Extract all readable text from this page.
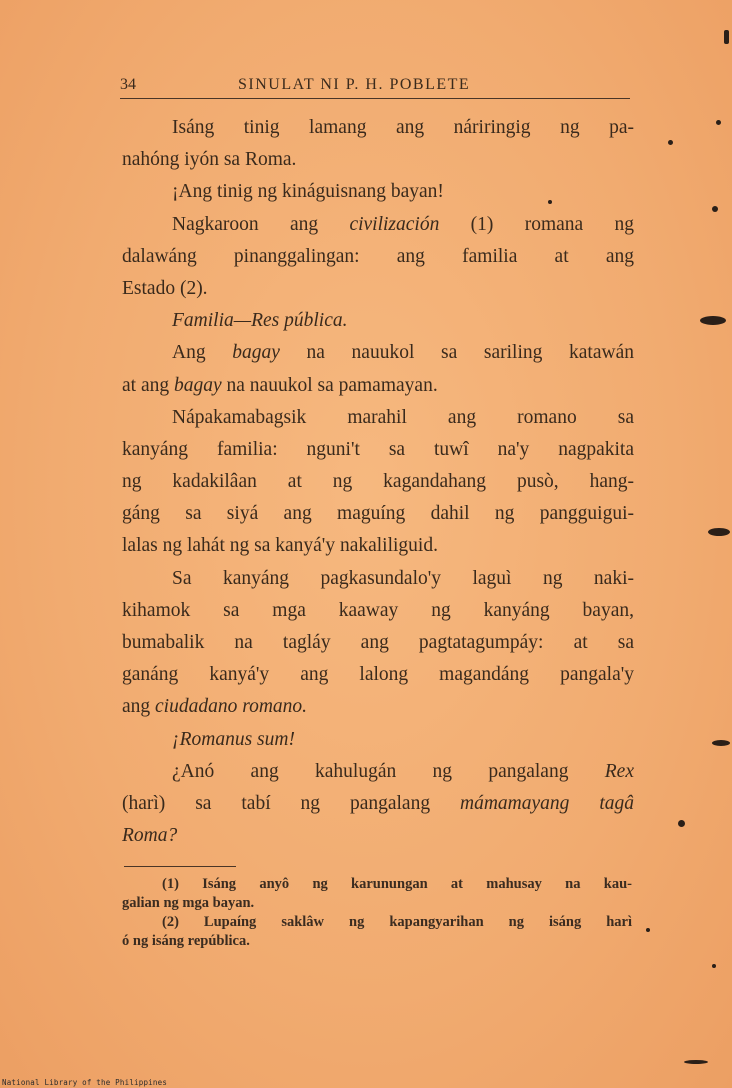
34	SINULAT NI P. H. POBLETE
Isáng tinig lamang ang náriringig ng pa-
nahóng iyón sa Roma.
¡Ang tinig ng kináguisnang bayan!
Nagkaroon ang civilización (1) romana ng
dalawáng pinanggalingan: ang familia at ang
Estado (2).
Familia—Res pública.
Ang bagay na nauukol sa sariling katawán
at ang bagay na nauukol sa pamamayan.
Nápakamabagsik marahil ang romano sa
kanyáng familia: nguni't sa tuwî na'y nagpakita
ng kadakilâan at ng kagandahang pusò, hang-
gáng sa siyá ang maguíng dahil ng pangguigui-
lalas ng lahát ng sa kanyá'y nakaliliguid.
Sa kanyáng pagkasundalo'y laguì ng naki-
kihamok sa mga kaaway ng kanyáng bayan,
bumabalik na tagláy ang pagtatagumpáy: at sa
ganáng kanyá'y ang lalong magandáng pangala'y
ang ciudadano romano.
¡Romanus sum!
¿Anó ang kahulugán ng pangalang Rex
(harì) sa tabí ng pangalang mámamayang tagâ
Roma?
(1) Isáng anyô ng karunungan at mahusay na kau-
galian ng mga bayan.
(2) Lupaíng saklâw ng kapangyarihan ng isáng harì
ó ng isáng república.
National Library of the Philippines
